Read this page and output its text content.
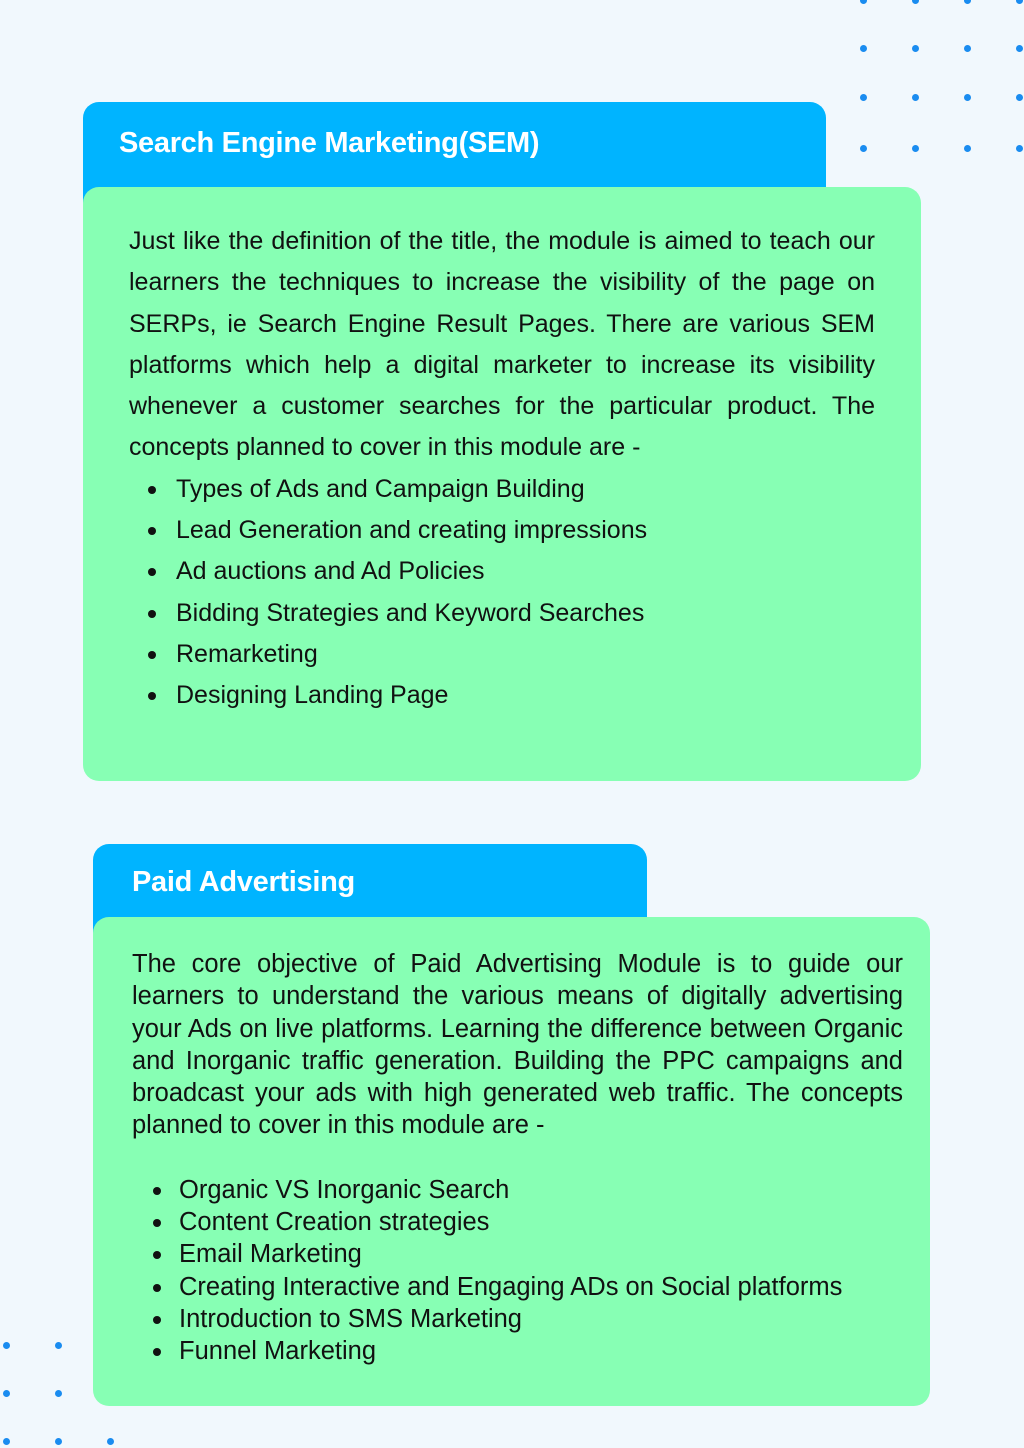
Search Engine Marketing(SEM)

Just like the definition of the title, the module is aimed to teach our learners the techniques to increase the visibility of the page on SERPs, ie Search Engine Result Pages. There are various SEM platforms which help a digital marketer to increase its visibility whenever a customer searches for the particular product. The concepts planned to cover in this module are -

Types of Ads and Campaign Building
Lead Generation and creating impressions
Ad auctions and Ad Policies
Bidding Strategies and Keyword Searches
Remarketing
Designing Landing Page
Paid Advertising

The core objective of Paid Advertising Module is to guide our learners to understand the various means of digitally advertising your Ads on live platforms. Learning the difference between Organic and Inorganic traffic generation. Building the PPC campaigns and broadcast your ads with high generated web traffic. The concepts planned to cover in this module are -

Organic VS Inorganic Search
Content Creation strategies
Email Marketing
Creating Interactive and Engaging ADs on Social platforms
Introduction to SMS Marketing
Funnel Marketing
